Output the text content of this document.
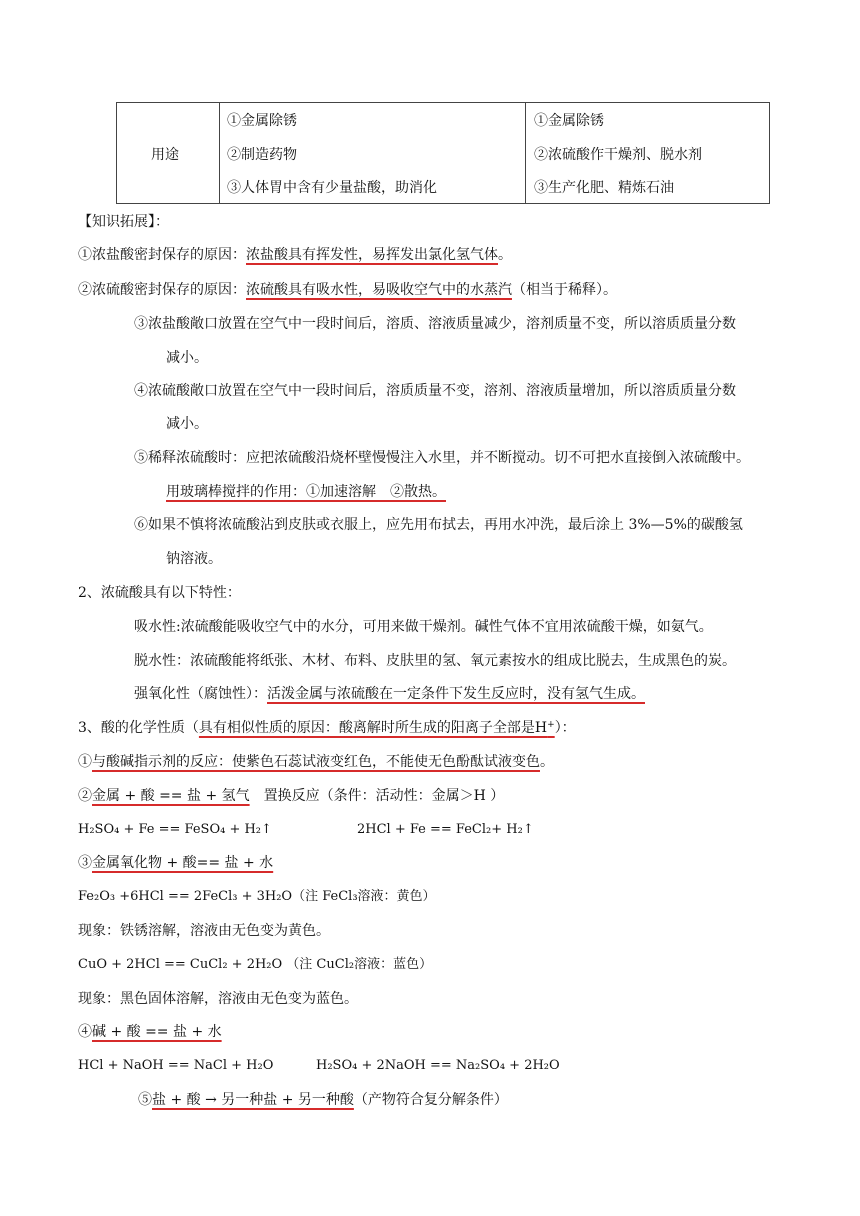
用途
①金属除锈
②制造药物
③人体胃中含有少量盐酸，助消化
①金属除锈
②浓硫酸作干燥剂、脱水剂
③生产化肥、精炼石油
【知识拓展】：
①浓盐酸密封保存的原因：浓盐酸具有挥发性，易挥发出氯化氢气体。
②浓硫酸密封保存的原因：浓硫酸具有吸水性，易吸收空气中的水蒸汽（相当于稀释）。
③浓盐酸敞口放置在空气中一段时间后，溶质、溶液质量减少，溶剂质量不变，所以溶质质量分数
减小。
④浓硫酸敞口放置在空气中一段时间后，溶质质量不变，溶剂、溶液质量增加，所以溶质质量分数
减小。
⑤稀释浓硫酸时：应把浓硫酸沿烧杯壁慢慢注入水里，并不断搅动。切不可把水直接倒入浓硫酸中。
用玻璃棒搅拌的作用：①加速溶解　②散热。
⑥如果不慎将浓硫酸沾到皮肤或衣服上，应先用布拭去，再用水冲洗，最后涂上 3%—5%的碳酸氢
钠溶液。
2、浓硫酸具有以下特性：
吸水性:浓硫酸能吸收空气中的水分，可用来做干燥剂。碱性气体不宜用浓硫酸干燥，如氨气。
脱水性：浓硫酸能将纸张、木材、布料、皮肤里的氢、氧元素按水的组成比脱去，生成黑色的炭。
强氧化性（腐蚀性）：活泼金属与浓硫酸在一定条件下发生反应时，没有氢气生成。
3、酸的化学性质（具有相似性质的原因：酸离解时所生成的阳离子全部是H+）：
①与酸碱指示剂的反应：使紫色石蕊试液变红色，不能使无色酚酞试液变色。
②金属 + 酸 == 盐 + 氢气　置换反应（条件：活动性：金属＞H ）
H₂SO₄ + Fe == FeSO₄ + H₂↑	2HCl + Fe == FeCl₂+ H₂↑
③金属氧化物 + 酸== 盐 + 水
Fe₂O₃ +6HCl == 2FeCl₃ + 3H₂O（注 FeCl₃溶液：黄色）
现象：铁锈溶解，溶液由无色变为黄色。
CuO + 2HCl == CuCl₂ + 2H₂O （注 CuCl₂溶液：蓝色）
现象：黑色固体溶解，溶液由无色变为蓝色。
④碱 + 酸 == 盐 + 水
HCl + NaOH == NaCl + H₂O	H₂SO₄ + 2NaOH == Na₂SO₄ + 2H₂O
⑤盐 + 酸 → 另一种盐 + 另一种酸（产物符合复分解条件）
